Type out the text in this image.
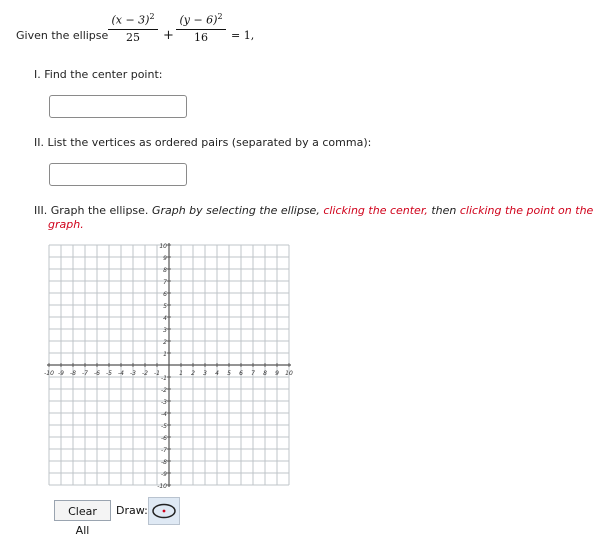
Given the ellipse
$(x - 3)^2$
25	+
$(y - 6)^2$
16	= 1,
I. Find the center point:
II. List the vertices as ordered pairs (separated by a comma):
III. Graph the ellipse. Graph by selecting the ellipse, clicking the center, then clicking the point on the
graph.
-10 -9 -8 -7 -6 -5 -4 -3 -2 -1	1 2 3 4 5 6 7 8 9 10
10
9
8
7
6
5
4
3
2
1
-1
-2
-3
-4
-5
-6
-7
-8
-9
-10
Clear All
Draw:
